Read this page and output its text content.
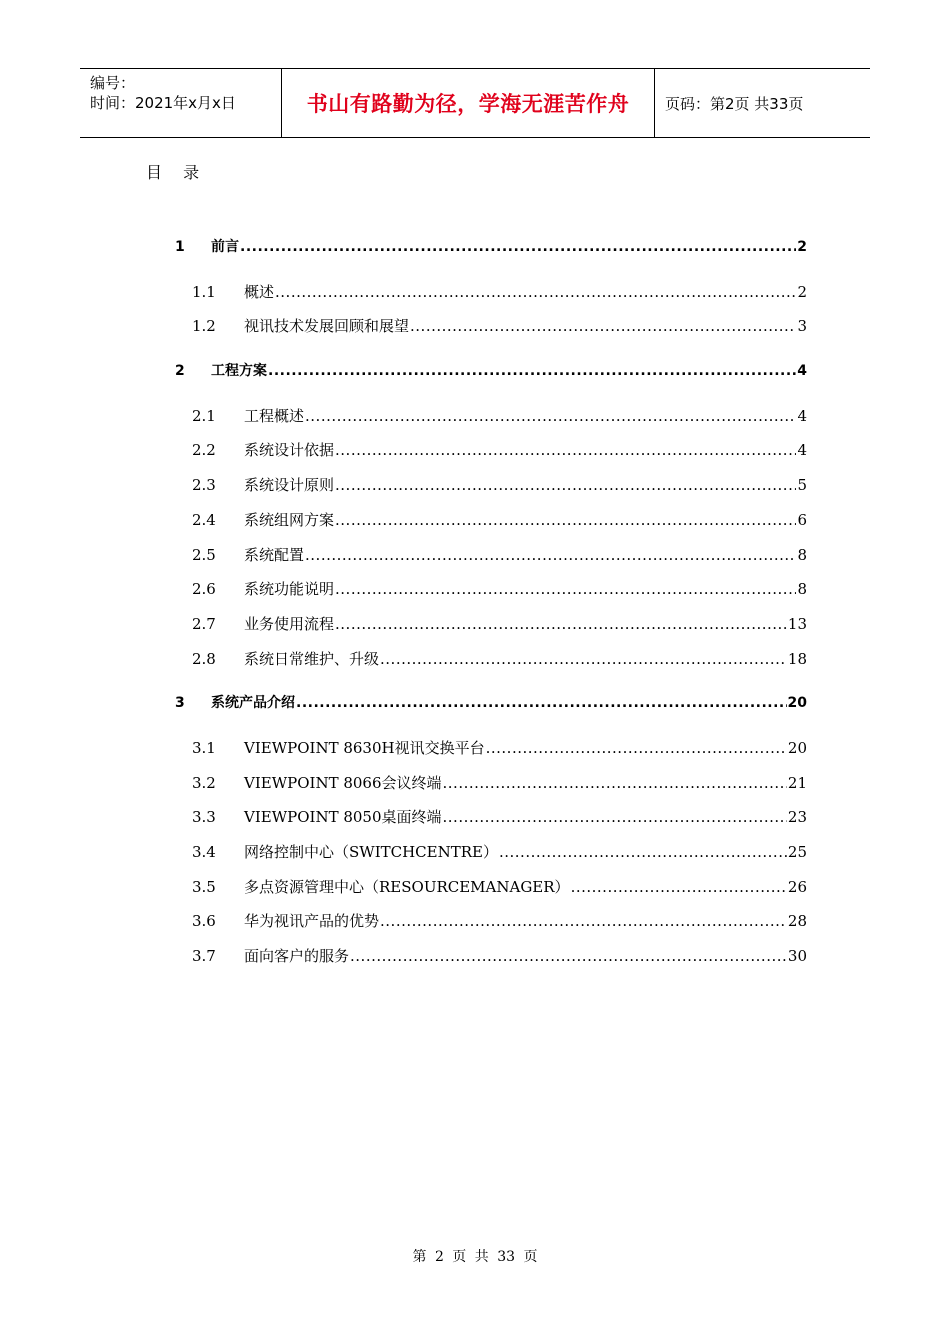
编号：
时间：2021年x月x日	书山有路勤为径，学海无涯苦作舟	页码：第2页 共33页
目 录
1	前言 .....	2
1.1	概述 .....	2
1.2	视讯技术发展回顾和展望 .....	3
2	工程方案 .....	4
2.1	工程概述 .....	4
2.2	系统设计依据 .....	4
2.3	系统设计原则 .....	5
2.4	系统组网方案 .....	6
2.5	系统配置 .....	8
2.6	系统功能说明 .....	8
2.7	业务使用流程 .....	13
2.8	系统日常维护、升级 .....	18
3	系统产品介绍 .....	20
3.1	VIEWPOINT 8630H视讯交换平台 .....	20
3.2	VIEWPOINT 8066会议终端 .....	21
3.3	VIEWPOINT 8050桌面终端 .....	23
3.4	网络控制中心（SWITCHCENTRE） .....	25
3.5	多点资源管理中心（RESOURCEMANAGER） .....	26
3.6	华为视讯产品的优势 .....	28
3.7	面向客户的服务 .....	30
第 2 页 共 33 页
